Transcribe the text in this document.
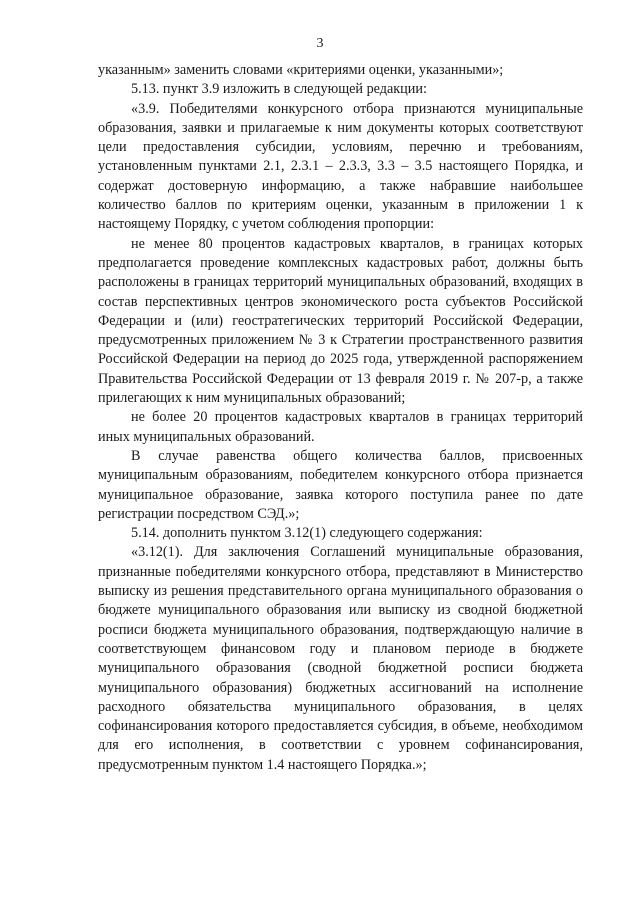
3

указанным» заменить словами «критериями оценки, указанными»;

5.13. пункт 3.9 изложить в следующей редакции:

«3.9. Победителями конкурсного отбора признаются муниципальные образования, заявки и прилагаемые к ним документы которых соответствуют цели предоставления субсидии, условиям, перечню и требованиям, установленным пунктами 2.1, 2.3.1 – 2.3.3, 3.3 – 3.5 настоящего Порядка, и содержат достоверную информацию, а также набравшие наибольшее количество баллов по критериям оценки, указанным в приложении 1 к настоящему Порядку, с учетом соблюдения пропорции:

не менее 80 процентов кадастровых кварталов, в границах которых предполагается проведение комплексных кадастровых работ, должны быть расположены в границах территорий муниципальных образований, входящих в состав перспективных центров экономического роста субъектов Российской Федерации и (или) геостратегических территорий Российской Федерации, предусмотренных приложением № 3 к Стратегии пространственного развития Российской Федерации на период до 2025 года, утвержденной распоряжением Правительства Российской Федерации от 13 февраля 2019 г. № 207-р, а также прилегающих к ним муниципальных образований;

не более 20 процентов кадастровых кварталов в границах территорий иных муниципальных образований.

В случае равенства общего количества баллов, присвоенных муниципальным образованиям, победителем конкурсного отбора признается муниципальное образование, заявка которого поступила ранее по дате регистрации посредством СЭД.»;

5.14. дополнить пунктом 3.12(1) следующего содержания:

«3.12(1). Для заключения Соглашений муниципальные образования, признанные победителями конкурсного отбора, представляют в Министерство выписку из решения представительного органа муниципального образования о бюджете муниципального образования или выписку из сводной бюджетной росписи бюджета муниципального образования, подтверждающую наличие в соответствующем финансовом году и плановом периоде в бюджете муниципального образования (сводной бюджетной росписи бюджета муниципального образования) бюджетных ассигнований на исполнение расходного обязательства муниципального образования, в целях софинансирования которого предоставляется субсидия, в объеме, необходимом для его исполнения, в соответствии с уровнем софинансирования, предусмотренным пунктом 1.4 настоящего Порядка.»;
